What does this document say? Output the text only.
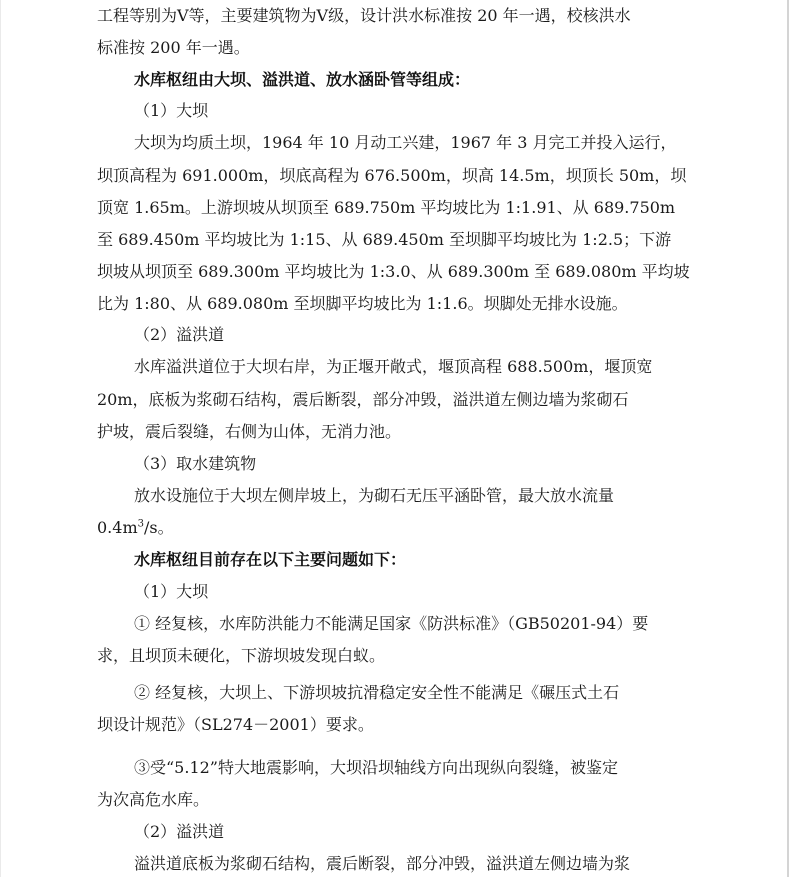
工程等别为Ⅴ等，主要建筑物为Ⅴ级，设计洪水标准按 20 年一遇，校核洪水

标准按 200 年一遇。

水库枢纽由大坝、溢洪道、放水涵卧管等组成：

（1）大坝

大坝为均质土坝，1964 年 10 月动工兴建，1967 年 3 月完工并投入运行，

坝顶高程为 691.000m，坝底高程为 676.500m，坝高 14.5m，坝顶长 50m，坝

顶宽 1.65m。上游坝坡从坝顶至 689.750m 平均坡比为 1:1.91、从 689.750m

至 689.450m 平均坡比为 1:15、从 689.450m 至坝脚平均坡比为 1:2.5；下游

坝坡从坝顶至 689.300m 平均坡比为 1:3.0、从 689.300m 至 689.080m 平均坡

比为 1:80、从 689.080m 至坝脚平均坡比为 1:1.6。坝脚处无排水设施。

（2）溢洪道

水库溢洪道位于大坝右岸，为正堰开敞式，堰顶高程 688.500m，堰顶宽

20m，底板为浆砌石结构，震后断裂，部分冲毁，溢洪道左侧边墙为浆砌石

护坡，震后裂缝，右侧为山体，无消力池。

（3）取水建筑物

放水设施位于大坝左侧岸坡上，为砌石无压平涵卧管，最大放水流量

$0.4m^3/s$。

水库枢纽目前存在以下主要问题如下：

（1）大坝

① 经复核，水库防洪能力不能满足国家《防洪标准》（GB50201-94）要

求，且坝顶未硬化，下游坝坡发现白蚁。

② 经复核，大坝上、下游坝坡抗滑稳定安全性不能满足《碾压式土石

坝设计规范》（SL274－2001）要求。

③受“5.12”特大地震影响，大坝沿坝轴线方向出现纵向裂缝，被鉴定

为次高危水库。

（2）溢洪道

溢洪道底板为浆砌石结构，震后断裂，部分冲毁，溢洪道左侧边墙为浆
